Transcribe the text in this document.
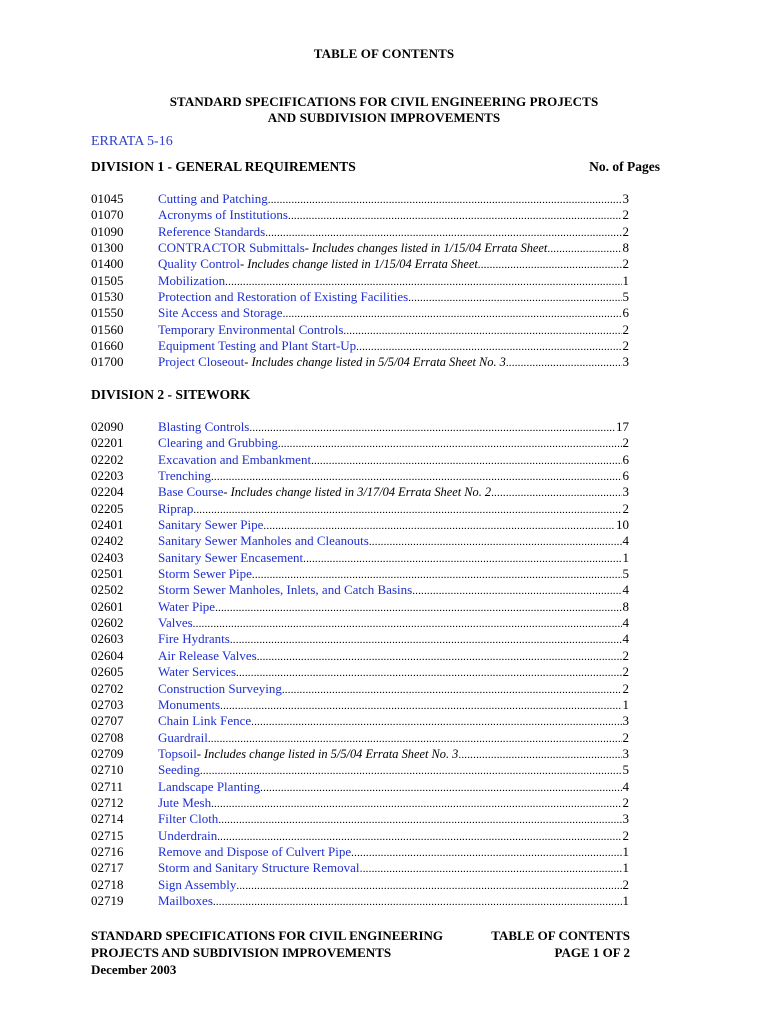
TABLE OF CONTENTS
STANDARD SPECIFICATIONS FOR CIVIL ENGINEERING PROJECTS
AND SUBDIVISION IMPROVEMENTS
ERRATA 5-16
DIVISION 1 - GENERAL REQUIREMENTS	No. of Pages
01045	Cutting and Patching .....	3
01070	Acronyms of Institutions .....	2
01090	Reference Standards .....	2
01300	CONTRACTOR Submittals - Includes changes listed in 1/15/04 Errata Sheet .....	8
01400	Quality Control - Includes change listed in 1/15/04 Errata Sheet .....	2
01505	Mobilization .....	1
01530	Protection and Restoration of Existing Facilities .....	5
01550	Site Access and Storage .....	6
01560	Temporary Environmental Controls .....	2
01660	Equipment Testing and Plant Start-Up .....	2
01700	Project Closeout - Includes change listed in 5/5/04 Errata Sheet No. 3 .....	3
DIVISION 2 - SITEWORK
02090	Blasting Controls .....	17
02201	Clearing and Grubbing .....	2
02202	Excavation and Embankment .....	6
02203	Trenching .....	6
02204	Base Course - Includes change listed in 3/17/04 Errata Sheet No. 2 .....	3
02205	Riprap .....	2
02401	Sanitary Sewer Pipe .....	10
02402	Sanitary Sewer Manholes and Cleanouts .....	4
02403	Sanitary Sewer Encasement .....	1
02501	Storm Sewer Pipe .....	5
02502	Storm Sewer Manholes, Inlets, and Catch Basins .....	4
02601	Water Pipe .....	8
02602	Valves .....	4
02603	Fire Hydrants .....	4
02604	Air Release Valves .....	2
02605	Water Services .....	2
02702	Construction Surveying .....	2
02703	Monuments .....	1
02707	Chain Link Fence .....	3
02708	Guardrail .....	2
02709	Topsoil - Includes change listed in 5/5/04 Errata Sheet No. 3 .....	3
02710	Seeding .....	5
02711	Landscape Planting .....	4
02712	Jute Mesh .....	2
02714	Filter Cloth .....	3
02715	Underdrain .....	2
02716	Remove and Dispose of Culvert Pipe .....	1
02717	Storm and Sanitary Structure Removal. .....	1
02718	Sign Assembly .....	2
02719	Mailboxes .....	1
STANDARD SPECIFICATIONS FOR CIVIL ENGINEERING
PROJECTS AND SUBDIVISION IMPROVEMENTS
December 2003
TABLE OF CONTENTS
PAGE 1 OF 2
